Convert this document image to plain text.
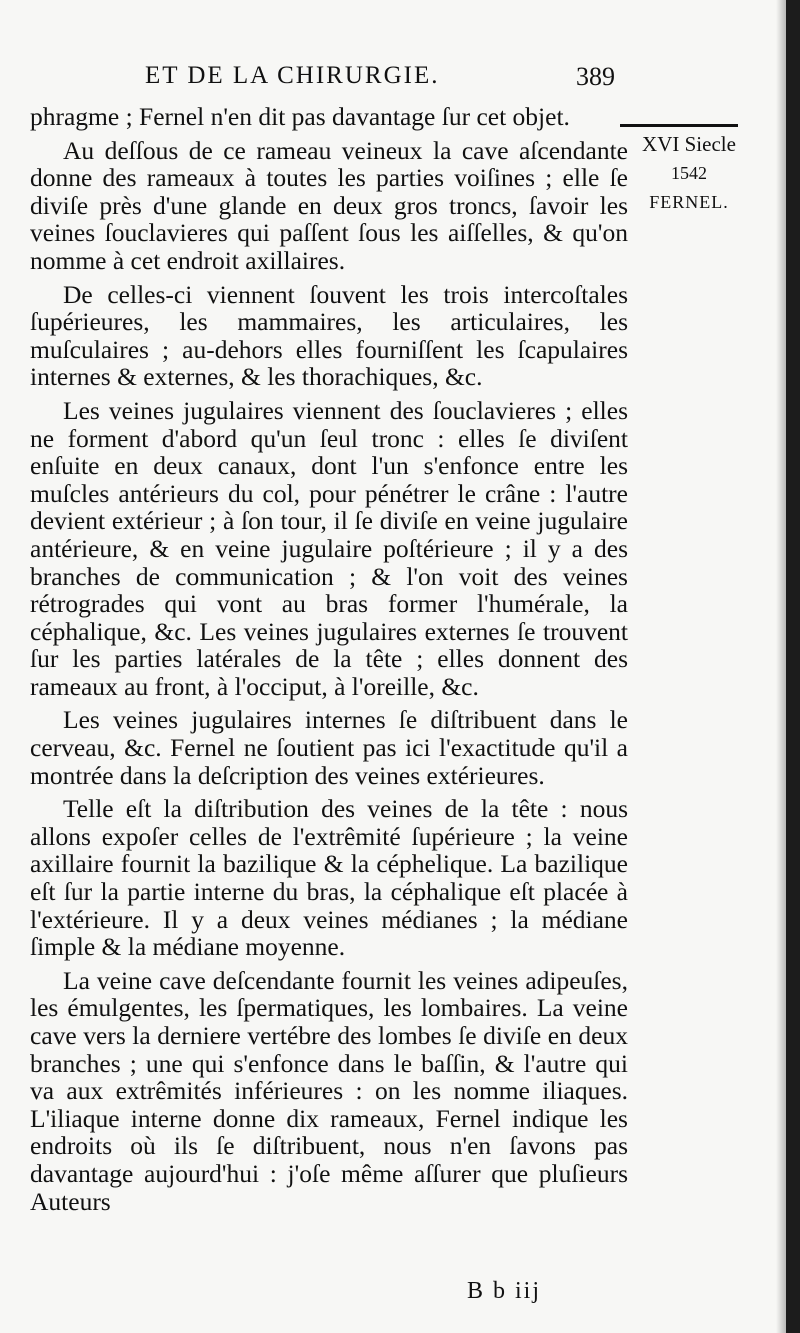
ET DE LA CHIRURGIE.	389
XVI Siecle
1542
FERNEL.

phragme ; Fernel n'en dit pas davantage ſur cet objet.

Au deſſous de ce rameau veineux la cave aſcendante donne des rameaux à toutes les parties voiſines ; elle ſe diviſe près d'une glande en deux gros troncs, ſavoir les veines ſouclavieres qui paſſent ſous les aiſſelles, & qu'on nomme à cet endroit axillaires.

De celles-ci viennent ſouvent les trois intercoſtales ſupérieures, les mammaires, les articulaires, les muſculaires ; au-dehors elles fourniſſent les ſcapulaires internes & externes, & les thorachiques, &c.

Les veines jugulaires viennent des ſouclavieres ; elles ne forment d'abord qu'un ſeul tronc : elles ſe diviſent enſuite en deux canaux, dont l'un s'enfonce entre les muſcles antérieurs du col, pour pénétrer le crâne : l'autre devient extérieur ; à ſon tour, il ſe diviſe en veine jugulaire antérieure, & en veine jugulaire poſtérieure ; il y a des branches de communication ; & l'on voit des veines rétrogrades qui vont au bras former l'humérale, la céphalique, &c. Les veines jugulaires externes ſe trouvent ſur les parties latérales de la tête ; elles donnent des rameaux au front, à l'occiput, à l'oreille, &c.

Les veines jugulaires internes ſe diſtribuent dans le cerveau, &c. Fernel ne ſoutient pas ici l'exactitude qu'il a montrée dans la deſcription des veines extérieures.

Telle eſt la diſtribution des veines de la tête : nous allons expoſer celles de l'extrêmité ſupérieure ; la veine axillaire fournit la bazilique & la céphelique. La bazilique eſt ſur la partie interne du bras, la céphalique eſt placée à l'extérieure. Il y a deux veines médianes ; la médiane ſimple & la médiane moyenne.

La veine cave deſcendante fournit les veines adipeuſes, les émulgentes, les ſpermatiques, les lombaires. La veine cave vers la derniere vertébre des lombes ſe diviſe en deux branches ; une qui s'enfonce dans le baſſin, & l'autre qui va aux extrêmités inférieures : on les nomme iliaques. L'iliaque interne donne dix rameaux, Fernel indique les endroits où ils ſe diſtribuent, nous n'en ſavons pas davantage aujourd'hui : j'oſe même aſſurer que pluſieurs Auteurs

B b iij
